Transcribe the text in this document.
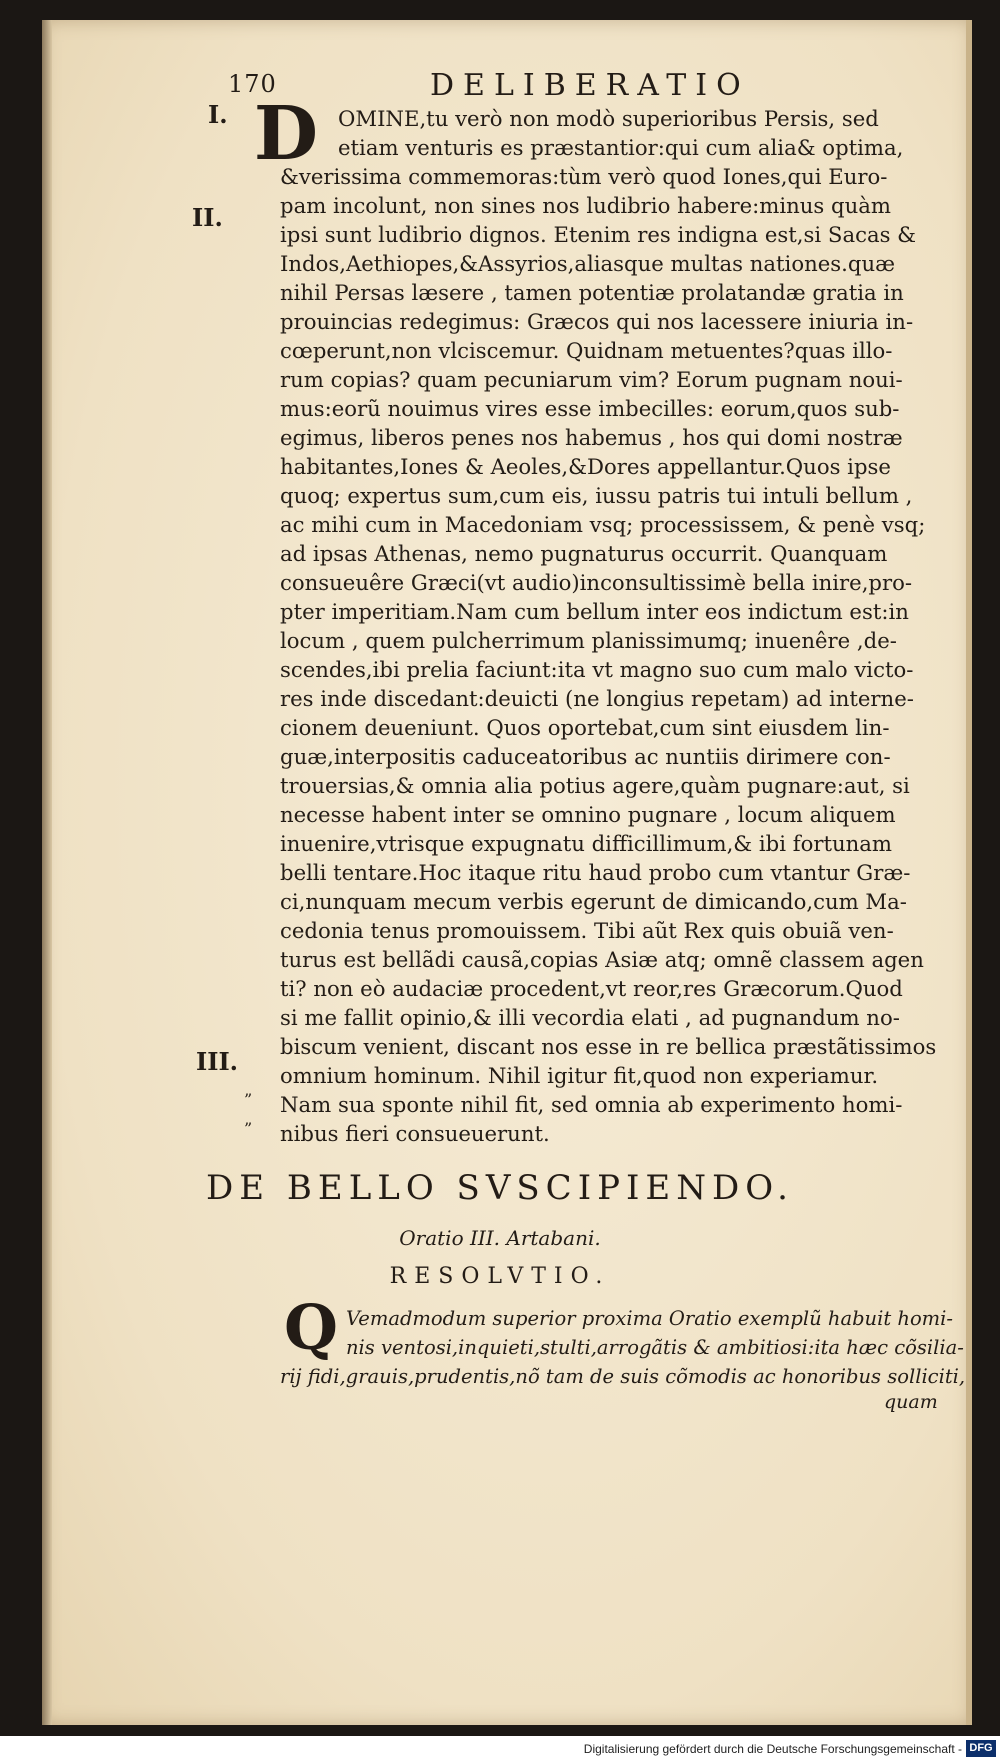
170	DELIBERATIO
D
I.
II.
III.
”
”
OMINE,tu verò non modò superioribus Persis, sed
etiam venturis es præstantior:qui cum alia& optima,
&verissima commemoras:tùm verò quod Iones,qui Euro-
pam incolunt, non sines nos ludibrio habere:minus quàm
ipsi sunt ludibrio dignos. Etenim res indigna est,si Sacas &
Indos,Aethiopes,&Assyrios,aliasque multas nationes.quæ
nihil Persas læsere , tamen potentiæ prolatandæ gratia in
prouincias redegimus: Græcos qui nos lacessere iniuria in-
cœperunt,non vlciscemur. Quidnam metuentes?quas illo-
rum copias? quam pecuniarum vim? Eorum pugnam noui-
mus:eorũ nouimus vires esse imbecilles: eorum,quos sub-
egimus, liberos penes nos habemus , hos qui domi nostræ
habitantes,Iones & Aeoles,&Dores appellantur.Quos ipse
quoq; expertus sum,cum eis, iussu patris tui intuli bellum ,
ac mihi cum in Macedoniam vsq; processissem, & penè vsq;
ad ipsas Athenas, nemo pugnaturus occurrit. Quanquam
consueuêre Græci(vt audio)inconsultissimè bella inire,pro-
pter imperitiam.Nam cum bellum inter eos indictum est:in
locum , quem pulcherrimum planissimumq; inuenêre ,de-
scendes,ibi prelia faciunt:ita vt magno suo cum malo victo-
res inde discedant:deuicti (ne longius repetam) ad interne-
cionem deueniunt. Quos oportebat,cum sint eiusdem lin-
guæ,interpositis caduceatoribus ac nuntiis dirimere con-
trouersias,& omnia alia potius agere,quàm pugnare:aut, si
necesse habent inter se omnino pugnare , locum aliquem
inuenire,vtrisque expugnatu difficillimum,& ibi fortunam
belli tentare.Hoc itaque ritu haud probo cum vtantur Græ-
ci,nunquam mecum verbis egerunt de dimicando,cum Ma-
cedonia tenus promouissem. Tibi aũt Rex quis obuiã ven-
turus est bellãdi causã,copias Asiæ atq; omnẽ classem agen
ti? non eò audaciæ procedent,vt reor,res Græcorum.Quod
si me fallit opinio,& illi vecordia elati , ad pugnandum no-
biscum venient, discant nos esse in re bellica præstãtissimos
omnium hominum. Nihil igitur fit,quod non experiamur.
Nam sua sponte nihil fit, sed omnia ab experimento homi-
nibus fieri consueuerunt.
DE BELLO SVSCIPIENDO.
Oratio III. Artabani.
RESOLVTIO.
Q Vemadmodum superior proxima Oratio exemplũ habuit homi-
nis ventosi,inquieti,stulti,arrogãtis & ambitiosi:ita hæc cõsilia-
rij fidi,grauis,prudentis,nõ tam de suis cõmodis ac honoribus solliciti,
quam
Digitalisierung gefördert durch die Deutsche Forschungsgemeinschaft - DFG
